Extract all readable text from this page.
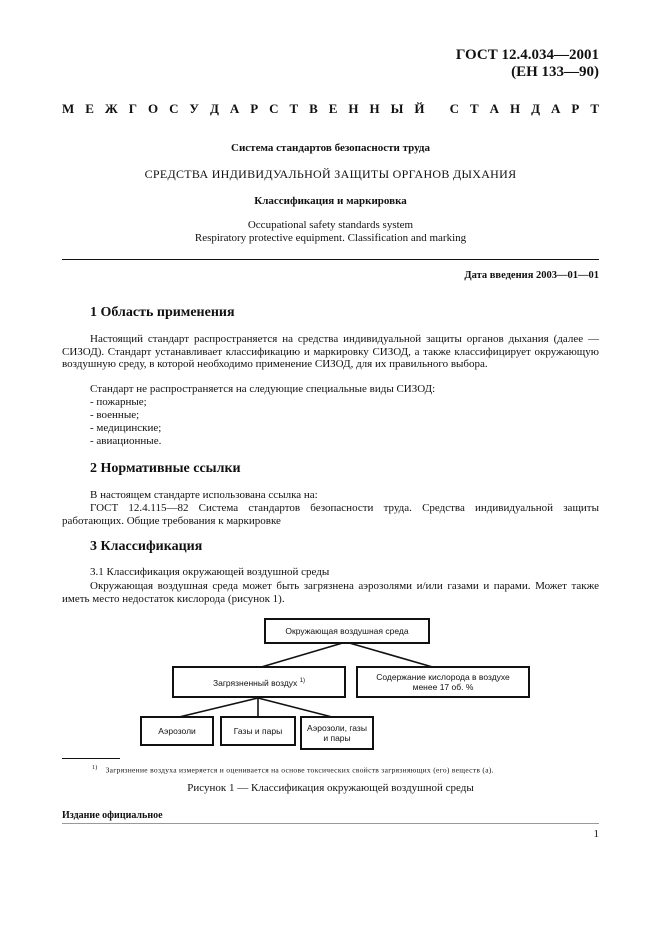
ГОСТ 12.4.034—2001
(ЕН 133—90)
М Е Ж Г О С У Д А Р С Т В Е Н Н Ы Й
С Т А Н Д А Р Т
Система стандартов безопасности труда
СРЕДСТВА ИНДИВИДУАЛЬНОЙ ЗАЩИТЫ ОРГАНОВ ДЫХАНИЯ
Классификация и маркировка
Occupational safety standards system
Respiratory protective equipment. Classification and marking
Дата введения 2003—01—01
1 Область применения
Настоящий стандарт распространяется на средства индивидуальной защиты органов дыхания (далее — СИЗОД). Стандарт устанавливает классификацию и маркировку СИЗОД, а также классифицирует окружающую воздушную среду, в которой необходимо применение СИЗОД, для их правильного выбора.
Стандарт не распространяется на следующие специальные виды СИЗОД:
- пожарные;
- военные;
- медицинские;
- авиационные.
2 Нормативные ссылки
В настоящем стандарте использована ссылка на:
ГОСТ 12.4.115—82 Система стандартов безопасности труда. Средства индивидуальной защиты работающих. Общие требования к маркировке
3 Классификация
3.1 Классификация окружающей воздушной среды
Окружающая воздушная среда может быть загрязнена аэрозолями и/или газами и парами. Может также иметь место недостаток кислорода (рисунок 1).
Окружающая воздушная среда
Загрязненный воздух $^{1)}$	Содержание кислорода в воздухе менее 17 об. %
Аэрозоли	Газы и пары	Аэрозоли, газы и пары
$^{1)}$ Загрязнение воздуха измеряется и оценивается на основе токсических свойств загрязняющих (его) веществ (а).
Рисунок 1 — Классификация окружающей воздушной среды
Издание официальное
1
